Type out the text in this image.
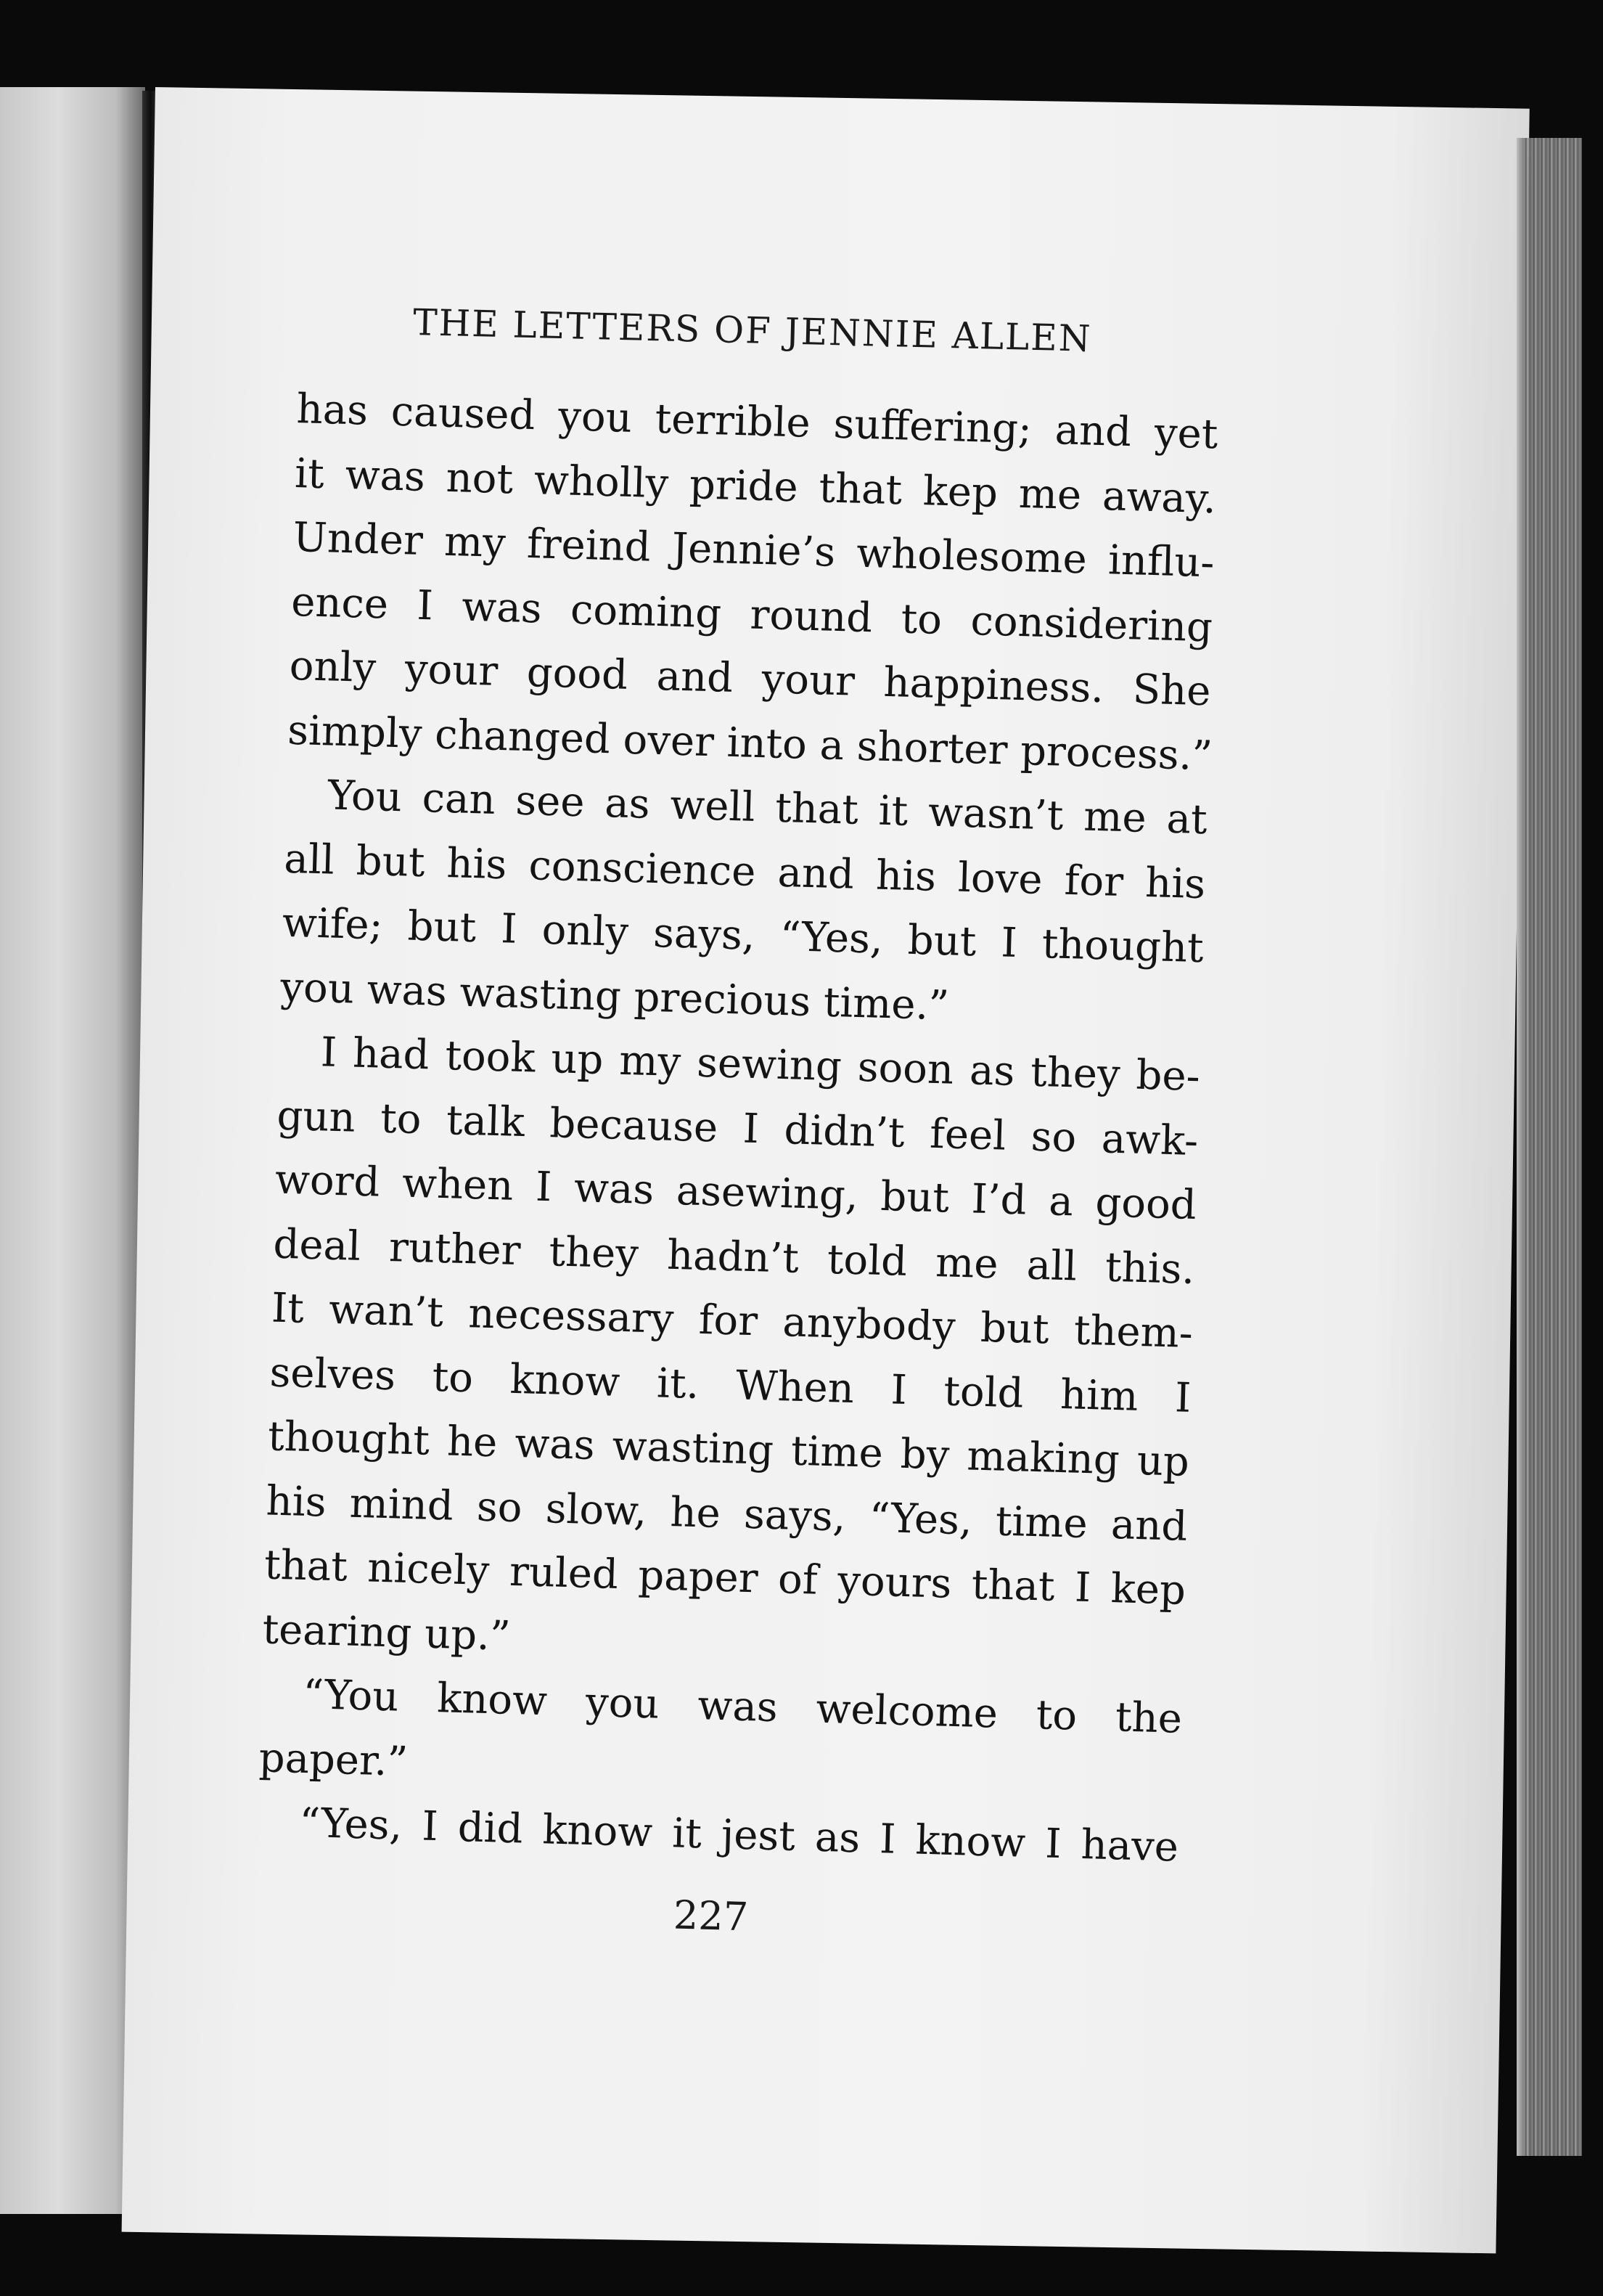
THE LETTERS OF JENNIE ALLEN
has caused you terrible suffering; and yet
it was not wholly pride that kep me away.
Under my freind Jennie’s wholesome influ-
ence I was coming round to considering
only your good and your happiness. She
simply changed over into a shorter process.”
You can see as well that it wasn’t me at
all but his conscience and his love for his
wife; but I only says, “Yes, but I thought
you was wasting precious time.”
I had took up my sewing soon as they be-
gun to talk because I didn’t feel so awk-
word when I was asewing, but I’d a good
deal ruther they hadn’t told me all this.
It wan’t necessary for anybody but them-
selves to know it. When I told him I
thought he was wasting time by making up
his mind so slow, he says, “Yes, time and
that nicely ruled paper of yours that I kep
tearing up.”
“You know you was welcome to the
paper.”
“Yes, I did know it jest as I know I have
227
